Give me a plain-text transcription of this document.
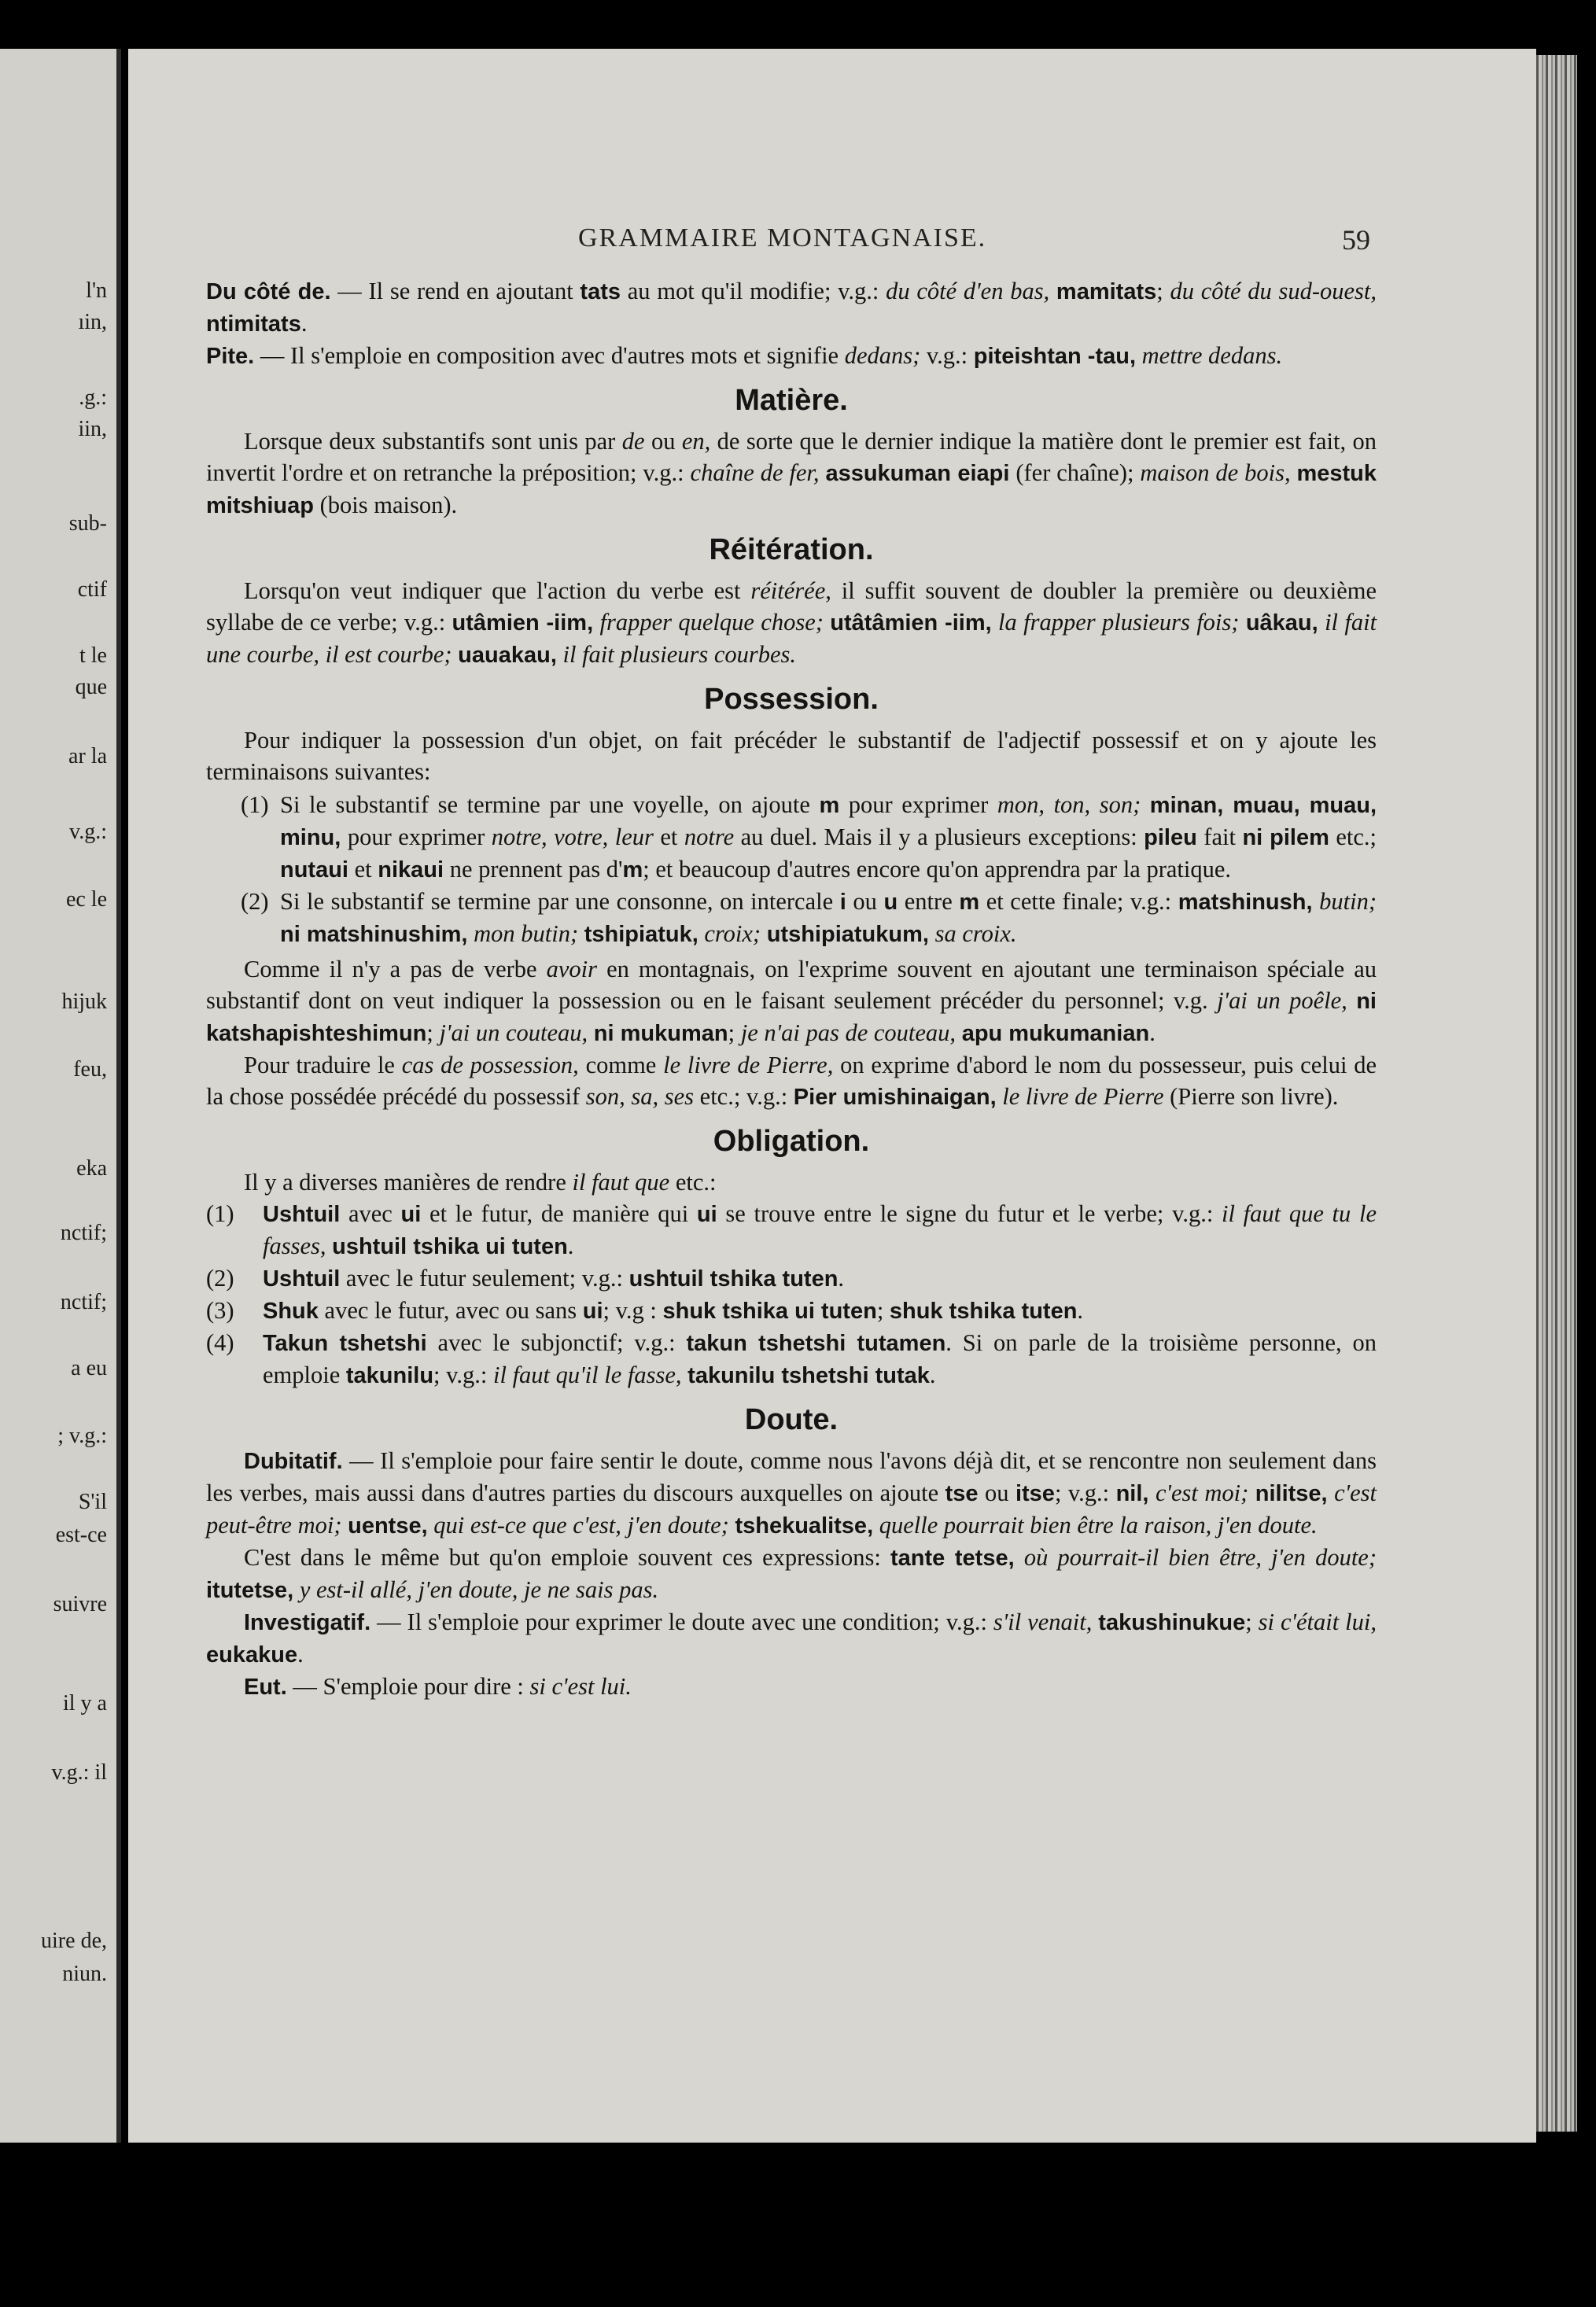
l'n
ıin,
.g.:
iin,
sub-
ctif
t le
que
ar la
v.g.:
ec le
hijuk
feu,
eka
nctif;
nctif;
a eu
; v.g.:
S'il
est-ce
suivre
il y a
v.g.: il
uire de,
niun.
GRAMMAIRE MONTAGNAISE.	59

Du côté de. — Il se rend en ajoutant tats au mot qu'il modifie; v.g.: du côté d'en bas, mamitats; du côté du sud-ouest, ntimitats.

Pite. — Il s'emploie en composition avec d'autres mots et signifie dedans; v.g.: piteishtan -tau, mettre dedans.

Matière.

Lorsque deux substantifs sont unis par de ou en, de sorte que le dernier indique la matière dont le premier est fait, on invertit l'ordre et on retranche la préposition; v.g.: chaîne de fer, assukuman eiapi (fer chaîne); maison de bois, mestuk mitshiuap (bois maison).

Réitération.

Lorsqu'on veut indiquer que l'action du verbe est réitérée, il suffit souvent de doubler la première ou deuxième syllabe de ce verbe; v.g.: utâmien -iim, frapper quelque chose; utâtâmien -iim, la frapper plusieurs fois; uâkau, il fait une courbe, il est courbe; uauakau, il fait plusieurs courbes.

Possession.

Pour indiquer la possession d'un objet, on fait précéder le substantif de l'adjectif possessif et on y ajoute les terminaisons suivantes:

(1) Si le substantif se termine par une voyelle, on ajoute m pour exprimer mon, ton, son; minan, muau, muau, minu, pour exprimer notre, votre, leur et notre au duel. Mais il y a plusieurs exceptions: pileu fait ni pilem etc.; nutaui et nikaui ne prennent pas d'm; et beaucoup d'autres encore qu'on apprendra par la pratique.
(2) Si le substantif se termine par une consonne, on intercale i ou u entre m et cette finale; v.g.: matshinush, butin; ni matshinushim, mon butin; tshipiatuk, croix; utshipiatukum, sa croix.

Comme il n'y a pas de verbe avoir en montagnais, on l'exprime souvent en ajoutant une terminaison spéciale au substantif dont on veut indiquer la possession ou en le faisant seulement précéder du personnel; v.g. j'ai un poêle, ni katshapishteshimun; j'ai un couteau, ni mukuman; je n'ai pas de couteau, apu mukumanian.

Pour traduire le cas de possession, comme le livre de Pierre, on exprime d'abord le nom du possesseur, puis celui de la chose possédée précédé du possessif son, sa, ses etc.; v.g.: Pier umishinaigan, le livre de Pierre (Pierre son livre).

Obligation.

Il y a diverses manières de rendre il faut que etc.:

(1) Ushtuil avec ui et le futur, de manière qui ui se trouve entre le signe du futur et le verbe; v.g.: il faut que tu le fasses, ushtuil tshika ui tuten.
(2) Ushtuil avec le futur seulement; v.g.: ushtuil tshika tuten.
(3) Shuk avec le futur, avec ou sans ui; v.g : shuk tshika ui tuten; shuk tshika tuten.
(4) Takun tshetshi avec le subjonctif; v.g.: takun tshetshi tutamen. Si on parle de la troisième personne, on emploie takunilu; v.g.: il faut qu'il le fasse, takunilu tshetshi tutak.
Doute.

Dubitatif. — Il s'emploie pour faire sentir le doute, comme nous l'avons déjà dit, et se rencontre non seulement dans les verbes, mais aussi dans d'autres parties du discours auxquelles on ajoute tse ou itse; v.g.: nil, c'est moi; nilitse, c'est peut-être moi; uentse, qui est-ce que c'est, j'en doute; tshekualitse, quelle pourrait bien être la raison, j'en doute.

C'est dans le même but qu'on emploie souvent ces expressions: tante tetse, où pourrait-il bien être, j'en doute; itutetse, y est-il allé, j'en doute, je ne sais pas.

Investigatif. — Il s'emploie pour exprimer le doute avec une condition; v.g.: s'il venait, takushinukue; si c'était lui, eukakue.

Eut. — S'emploie pour dire : si c'est lui.
